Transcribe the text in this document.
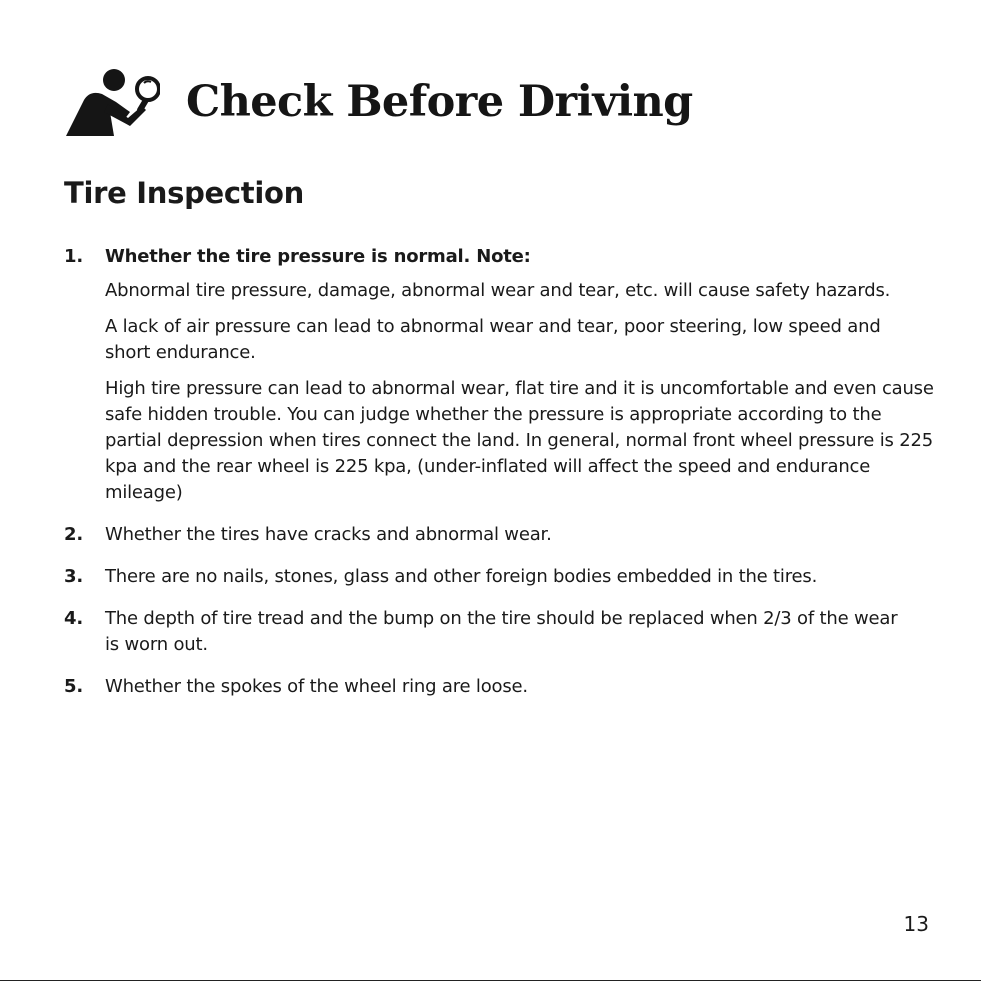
Check Before Driving
Tire Inspection
1. Whether the tire pressure is normal. Note:
Abnormal tire pressure, damage, abnormal wear and tear, etc. will cause safety hazards.
A lack of air pressure can lead to abnormal wear and tear, poor steering, low speed and short endurance.
High tire pressure can lead to abnormal wear, flat tire and it is uncomfortable and even cause safe hidden trouble. You can judge whether the pressure is appropriate according to the partial depression when tires connect the land. In general, normal front wheel pressure is 225 kpa and the rear wheel is 225 kpa, (under-inflated will affect the speed and endurance mileage)
2. Whether the tires have cracks and abnormal wear.
3. There are no nails, stones, glass and other foreign bodies embedded in the tires.
4. The depth of tire tread and the bump on the tire should be replaced when 2/3 of the wear is worn out.
5. Whether the spokes of the wheel ring are loose.
13
